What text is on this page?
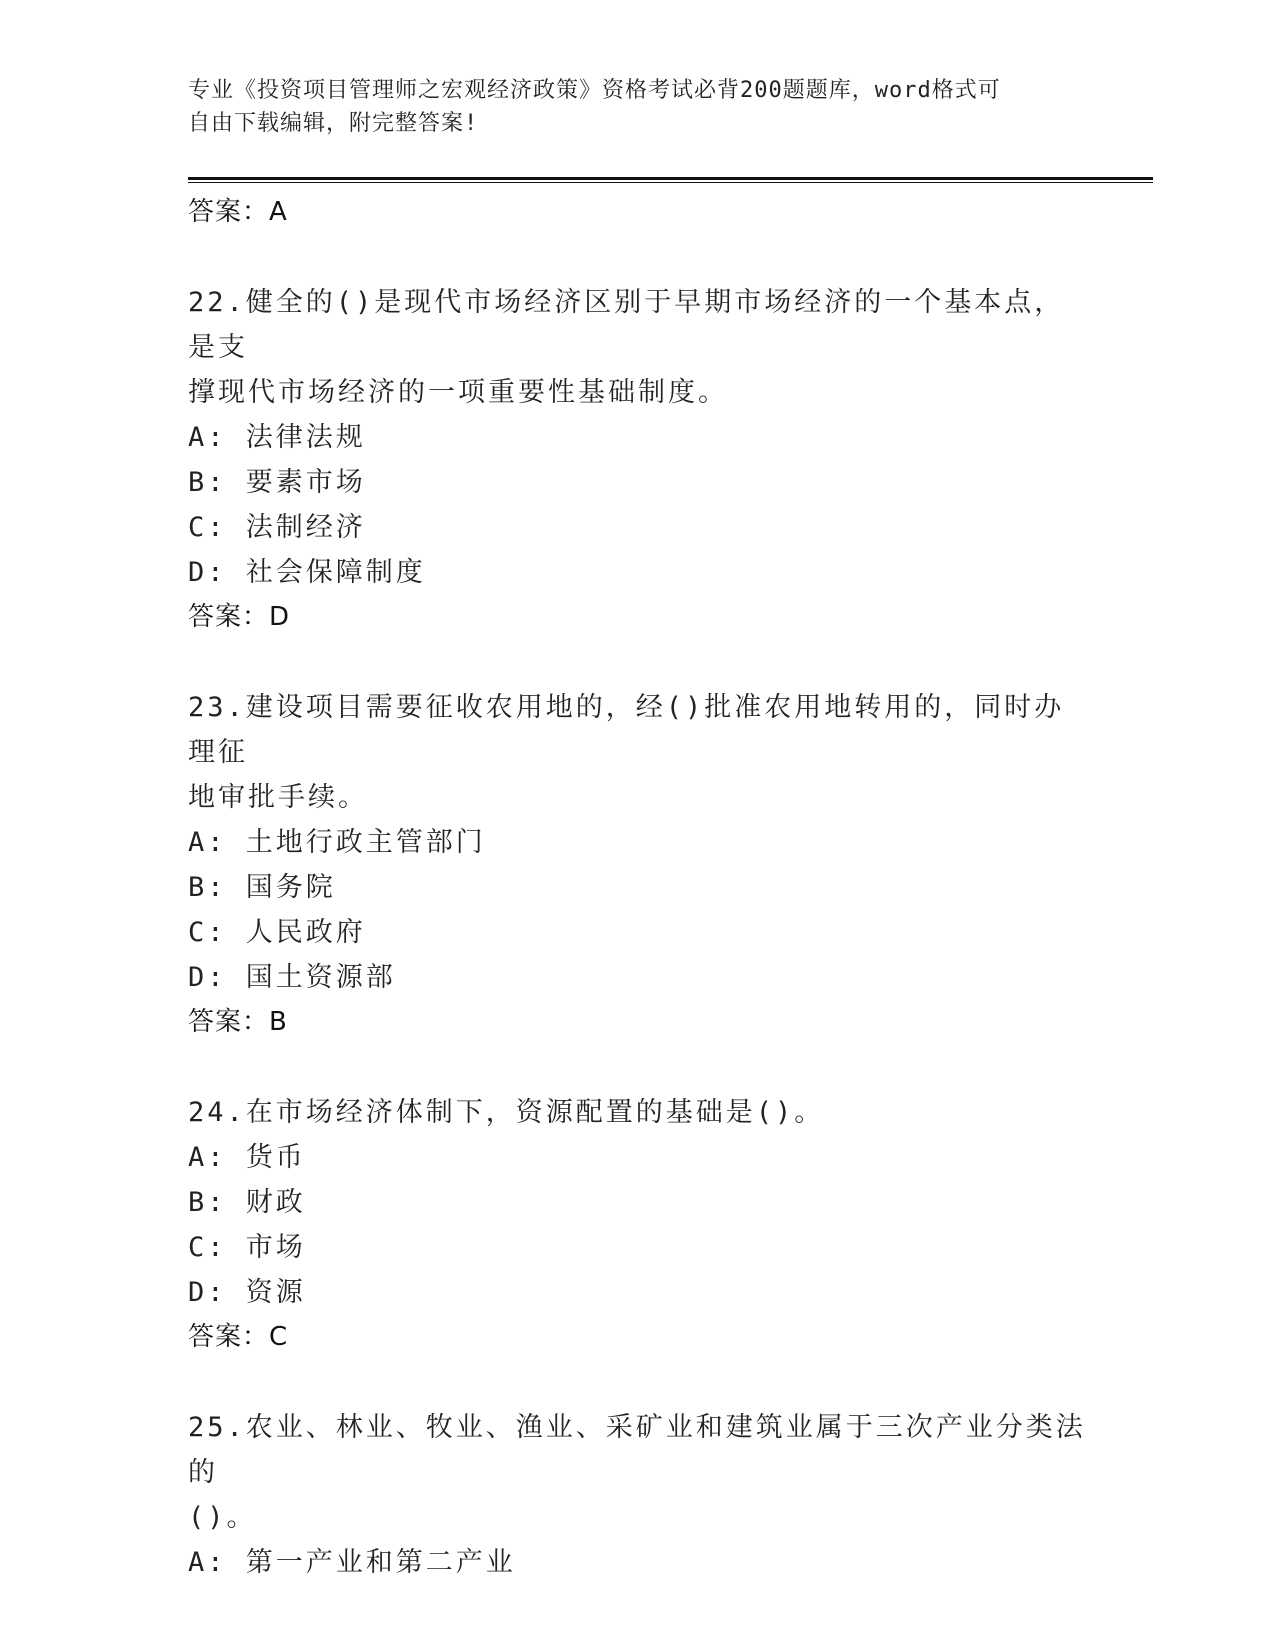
专业《投资项目管理师之宏观经济政策》资格考试必背200题题库，word格式可
自由下载编辑，附完整答案!
答案：A
22.健全的()是现代市场经济区别于早期市场经济的一个基本点，是支
撑现代市场经济的一项重要性基础制度。
A: 法律法规
B: 要素市场
C: 法制经济
D: 社会保障制度
答案：D
23.建设项目需要征收农用地的，经()批准农用地转用的，同时办理征
地审批手续。
A: 土地行政主管部门
B: 国务院
C: 人民政府
D: 国土资源部
答案：B
24.在市场经济体制下，资源配置的基础是()。
A: 货币
B: 财政
C: 市场
D: 资源
答案：C
25.农业、林业、牧业、渔业、采矿业和建筑业属于三次产业分类法的
()。
A: 第一产业和第二产业
